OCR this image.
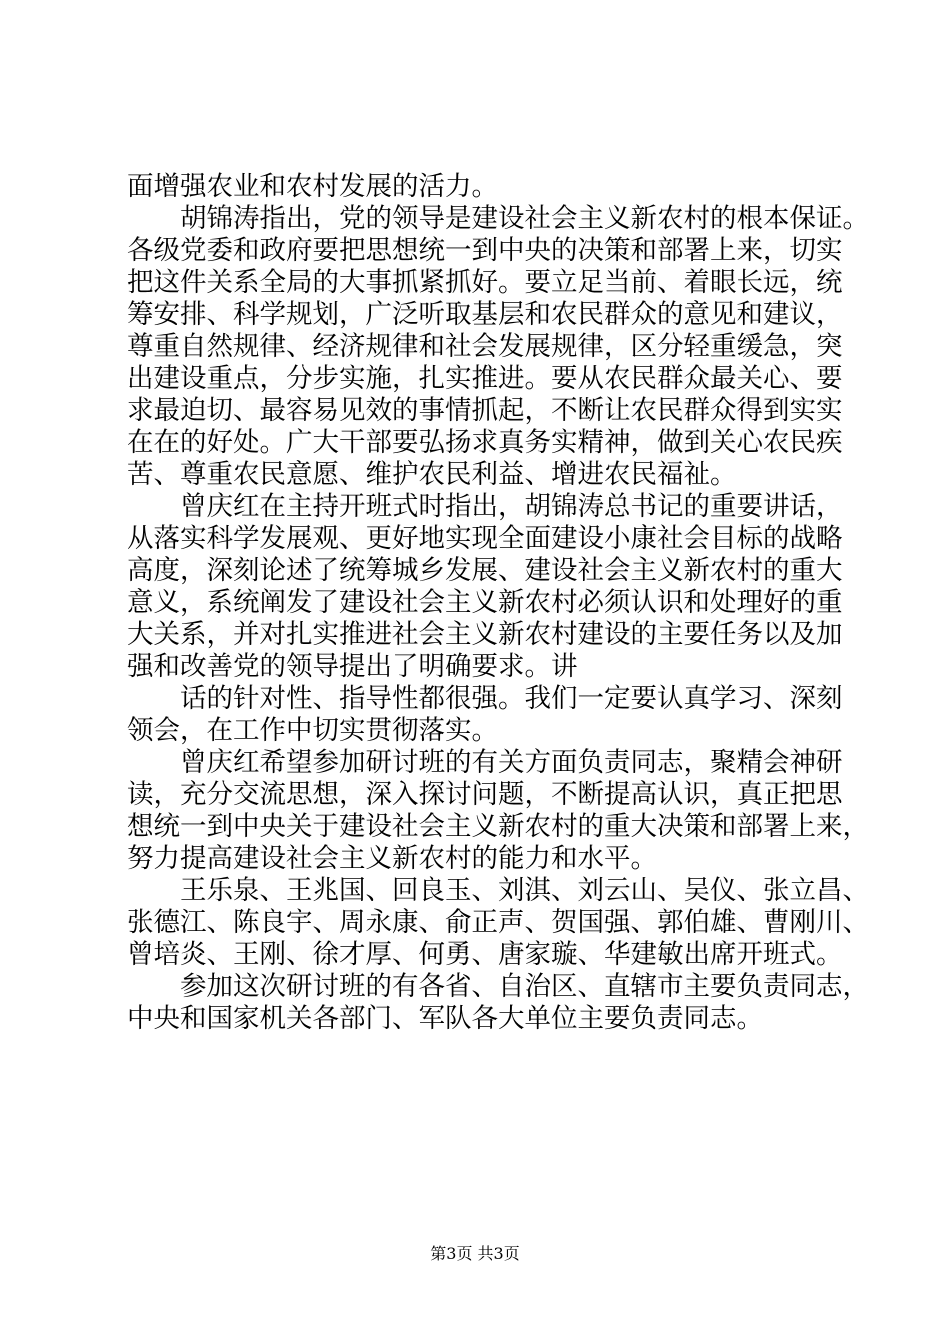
面增强农业和农村发展的活力。
胡锦涛指出，党的领导是建设社会主义新农村的根本保证。
各级党委和政府要把思想统一到中央的决策和部署上来，切实
把这件关系全局的大事抓紧抓好。要立足当前、着眼长远，统
筹安排、科学规划，广泛听取基层和农民群众的意见和建议，
尊重自然规律、经济规律和社会发展规律，区分轻重缓急，突
出建设重点，分步实施，扎实推进。要从农民群众最关心、要
求最迫切、最容易见效的事情抓起，不断让农民群众得到实实
在在的好处。广大干部要弘扬求真务实精神，做到关心农民疾
苦、尊重农民意愿、维护农民利益、增进农民福祉。
曾庆红在主持开班式时指出，胡锦涛总书记的重要讲话，
从落实科学发展观、更好地实现全面建设小康社会目标的战略
高度，深刻论述了统筹城乡发展、建设社会主义新农村的重大
意义，系统阐发了建设社会主义新农村必须认识和处理好的重
大关系，并对扎实推进社会主义新农村建设的主要任务以及加
强和改善党的领导提出了明确要求。讲
话的针对性、指导性都很强。我们一定要认真学习、深刻
领会，在工作中切实贯彻落实。
曾庆红希望参加研讨班的有关方面负责同志，聚精会神研
读，充分交流思想，深入探讨问题，不断提高认识，真正把思
想统一到中央关于建设社会主义新农村的重大决策和部署上来，
努力提高建设社会主义新农村的能力和水平。
王乐泉、王兆国、回良玉、刘淇、刘云山、吴仪、张立昌、
张德江、陈良宇、周永康、俞正声、贺国强、郭伯雄、曹刚川、
曾培炎、王刚、徐才厚、何勇、唐家璇、华建敏出席开班式。
参加这次研讨班的有各省、自治区、直辖市主要负责同志，
中央和国家机关各部门、军队各大单位主要负责同志。
第3页 共3页
